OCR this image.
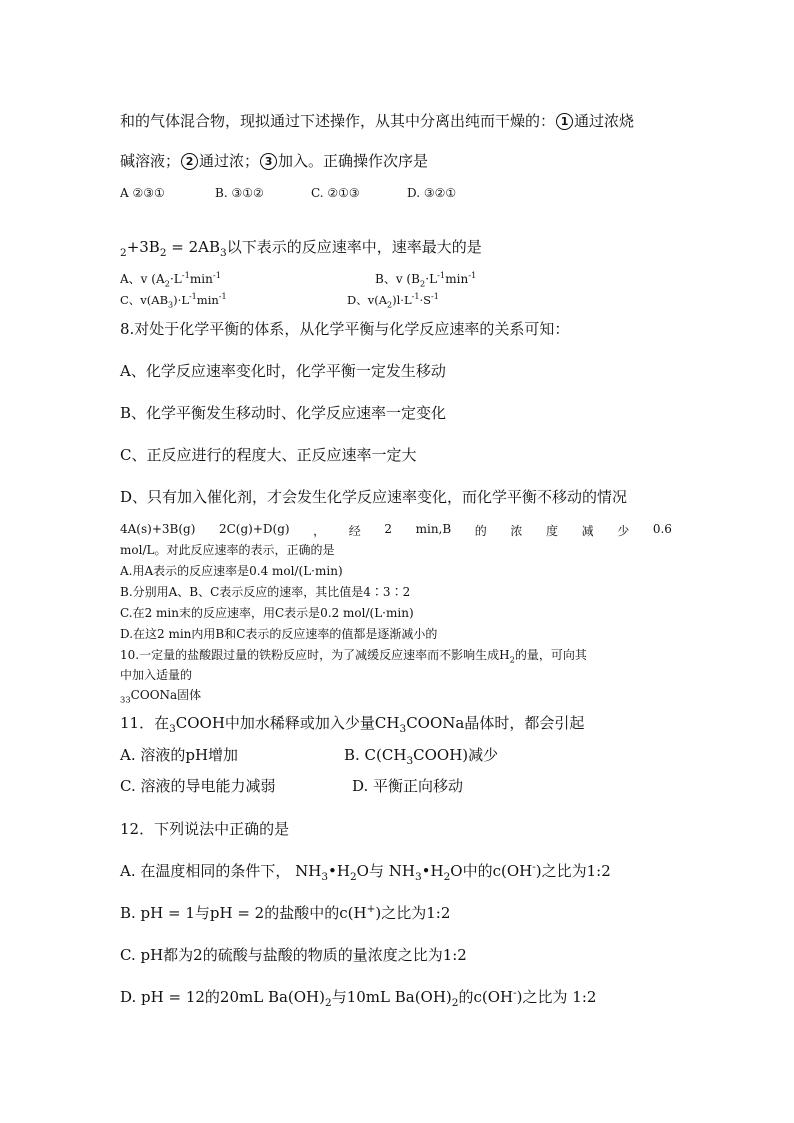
和的气体混合物，现拟通过下述操作，从其中分离出纯而干燥的： 1 通过浓烧
碱溶液； 2 通过浓； 3 加入。正确操作次序是
A ②③①	B. ③①②	C. ②①③	D. ③②①
$_2+3B_2 = 2AB_3$以下表示的反应速率中，速率最大的是
A、v ($A_2\cdot L^{-1}\min^{-1}$	B、v ($B_2\cdot L^{-1}\min^{-1}$
C、$v(AB_3)\cdot L^{-1}\min^{-1}$	D、$v(A_2)l\cdot L^{-1}\cdot S^{-1}$
8.对处于化学平衡的体系，从化学平衡与化学反应速率的关系可知：
A、化学反应速率变化时，化学平衡一定发生移动
B、化学平衡发生移动时、化学反应速率一定变化
C、正反应进行的程度大、正反应速率一定大
D、只有加入催化剂，才会发生化学反应速率变化，而化学平衡不移动的情况
4A(s)+3B(g) 2C(g)+D(g) ， 经 2 min,B 的 浓 度 减 少 0.6
mol/L。对此反应速率的表示，正确的是
A.用A表示的反应速率是0.4 mol/(L·min)
B.分别用A、B、C表示反应的速率，其比值是4∶3∶2
C.在2 min末的反应速率，用C表示是0.2 mol/(L·min)
D.在这2 min内用B和C表示的反应速率的值都是逐渐减小的
10.一定量的盐酸跟过量的铁粉反应时，为了减缓反应速率而不影响生成$H_2$的量，可向其
中加入适量的
$_{33}$COONa固体
11．在$_3$COOH中加水稀释或加入少量$CH_3COONa$晶体时，都会引起
A. 溶液的pH增加	B. $C(CH_3COOH)$减少
C. 溶液的导电能力减弱	D. 平衡正向移动
12．下列说法中正确的是
A. 在温度相同的条件下， $NH_3•H_2O$与 $NH_3•H_2O$中的c(OH-)之比为1:2
B. pH = 1与pH = 2的盐酸中的c(H+)之比为1:2
C. pH都为2的硫酸与盐酸的物质的量浓度之比为1:2
D. pH = 12的20mL $Ba(OH)_2$与10mL $Ba(OH)_2$的c(OH-)之比为 1:2
